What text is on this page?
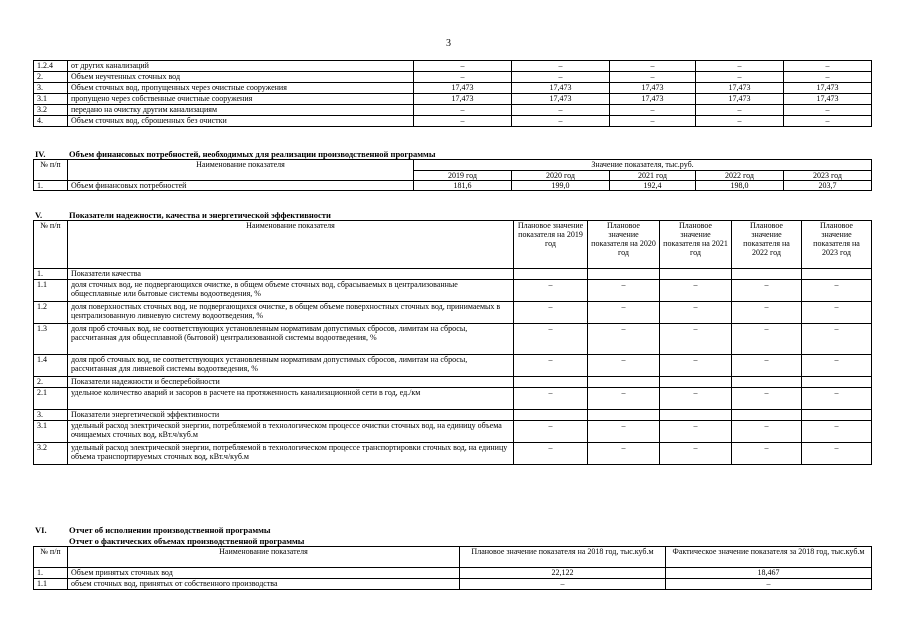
3
1.2.4	от других канализаций	–	–	–	–	–
2.	Объем неучтенных сточных вод	–	–	–	–	–
3.	Объем сточных вод, пропущенных через очистные сооружения	17,473	17,473	17,473	17,473	17,473
3.1	пропущено через собственные очистные сооружения	17,473	17,473	17,473	17,473	17,473
3.2	передано на очистку другим канализациям	–	–	–	–	–
4.	Объем сточных вод, сброшенных без очистки	–	–	–	–	–
IV.	Объем финансовых потребностей, необходимых для реализации производственной программы
№ п/п	Наименование показателя	Значение показателя, тыс.руб.				
		2019 год	2020 год	2021 год	2022 год	2023 год
1.	Объем финансовых потребностей	181,6	199,0	192,4	198,0	203,7
V.	Показатели надежности, качества и энергетической эффективности
№ п/п	Наименование показателя	Плановое значение показателя на 2019 год	Плановое значение показателя на 2020 год	Плановое значение показателя на 2021 год	Плановое значение показателя на 2022 год	Плановое значение показателя на 2023 год
1.	Показатели качества					
1.1	доля сточных вод, не подвергающихся очистке, в общем объеме сточных вод, сбрасываемых в централизованные общесплавные или бытовые системы водоотведения, %	–	–	–	–	–
1.2	доля поверхностных сточных вод, не подвергающихся очистке, в общем объеме поверхностных сточных вод, принимаемых в централизованную ливневую систему водоотведения, %	–	–	–	–	–
1.3	доля проб сточных вод, не соответствующих установленным нормативам допустимых сбросов, лимитам на сбросы, рассчитанная для общесплавной (бытовой) централизованной системы водоотведения, %	–	–	–	–	–
1.4	доля проб сточных вод, не соответствующих установленным нормативам допустимых сбросов, лимитам на сбросы, рассчитанная для ливневой системы водоотведения, %	–	–	–	–	–
2.	Показатели надежности и бесперебойности					
2.1	удельное количество аварий и засоров в расчете на протяженность канализационной сети в год, ед./км	–	–	–	–	–
3.	Показатели энергетической эффективности					
3.1	удельный расход электрической энергии, потребляемой в технологическом процессе очистки сточных вод, на единицу объема очищаемых сточных вод, кВт.ч/куб.м	–	–	–	–	–
3.2	удельный расход электрической энергии, потребляемой в технологическом процессе транспортировки сточных вод, на единицу объема транспортируемых сточных вод, кВт.ч/куб.м	–	–	–	–	–
VI.	Отчет об исполнении производственной программы
Отчет о фактических объемах производственной программы
№ п/п	Наименование показателя	Плановое значение показателя на 2018 год, тыс.куб.м	Фактическое значение показателя за 2018 год, тыс.куб.м
1.	Объем принятых сточных вод	22,122	18,467
1.1	объем сточных вод, принятых от собственного производства	–	–
